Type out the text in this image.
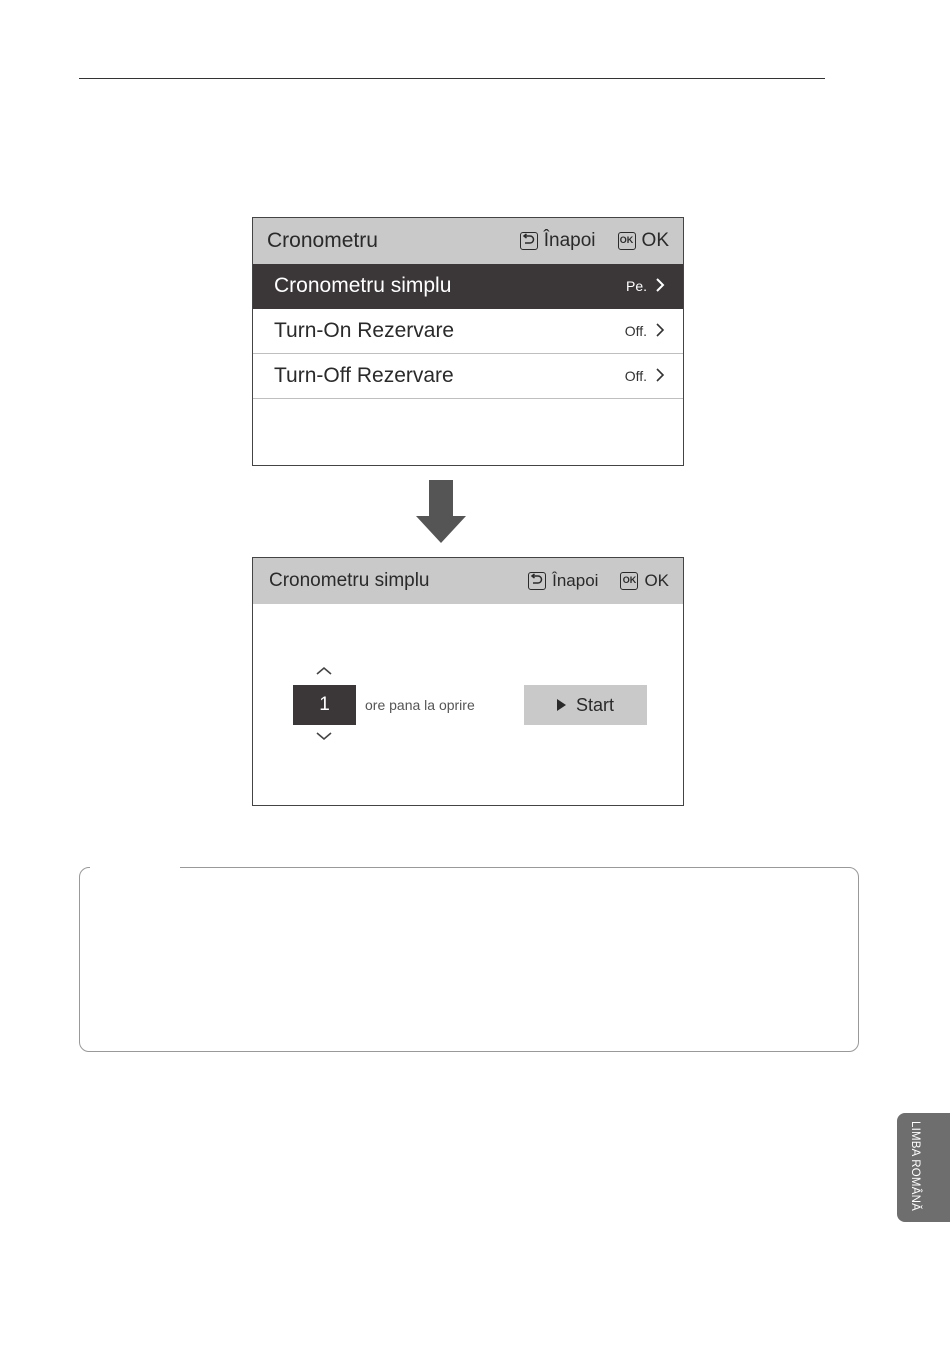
Cronometru	Înapoi	OK OK
Cronometru simplu	Pe.
Turn-On Rezervare	Off.
Turn-Off Rezervare	Off.
Cronometru simplu	Înapoi	OK OK
1	ore pana la oprire	Start
LIMBA ROMÂNĂ
